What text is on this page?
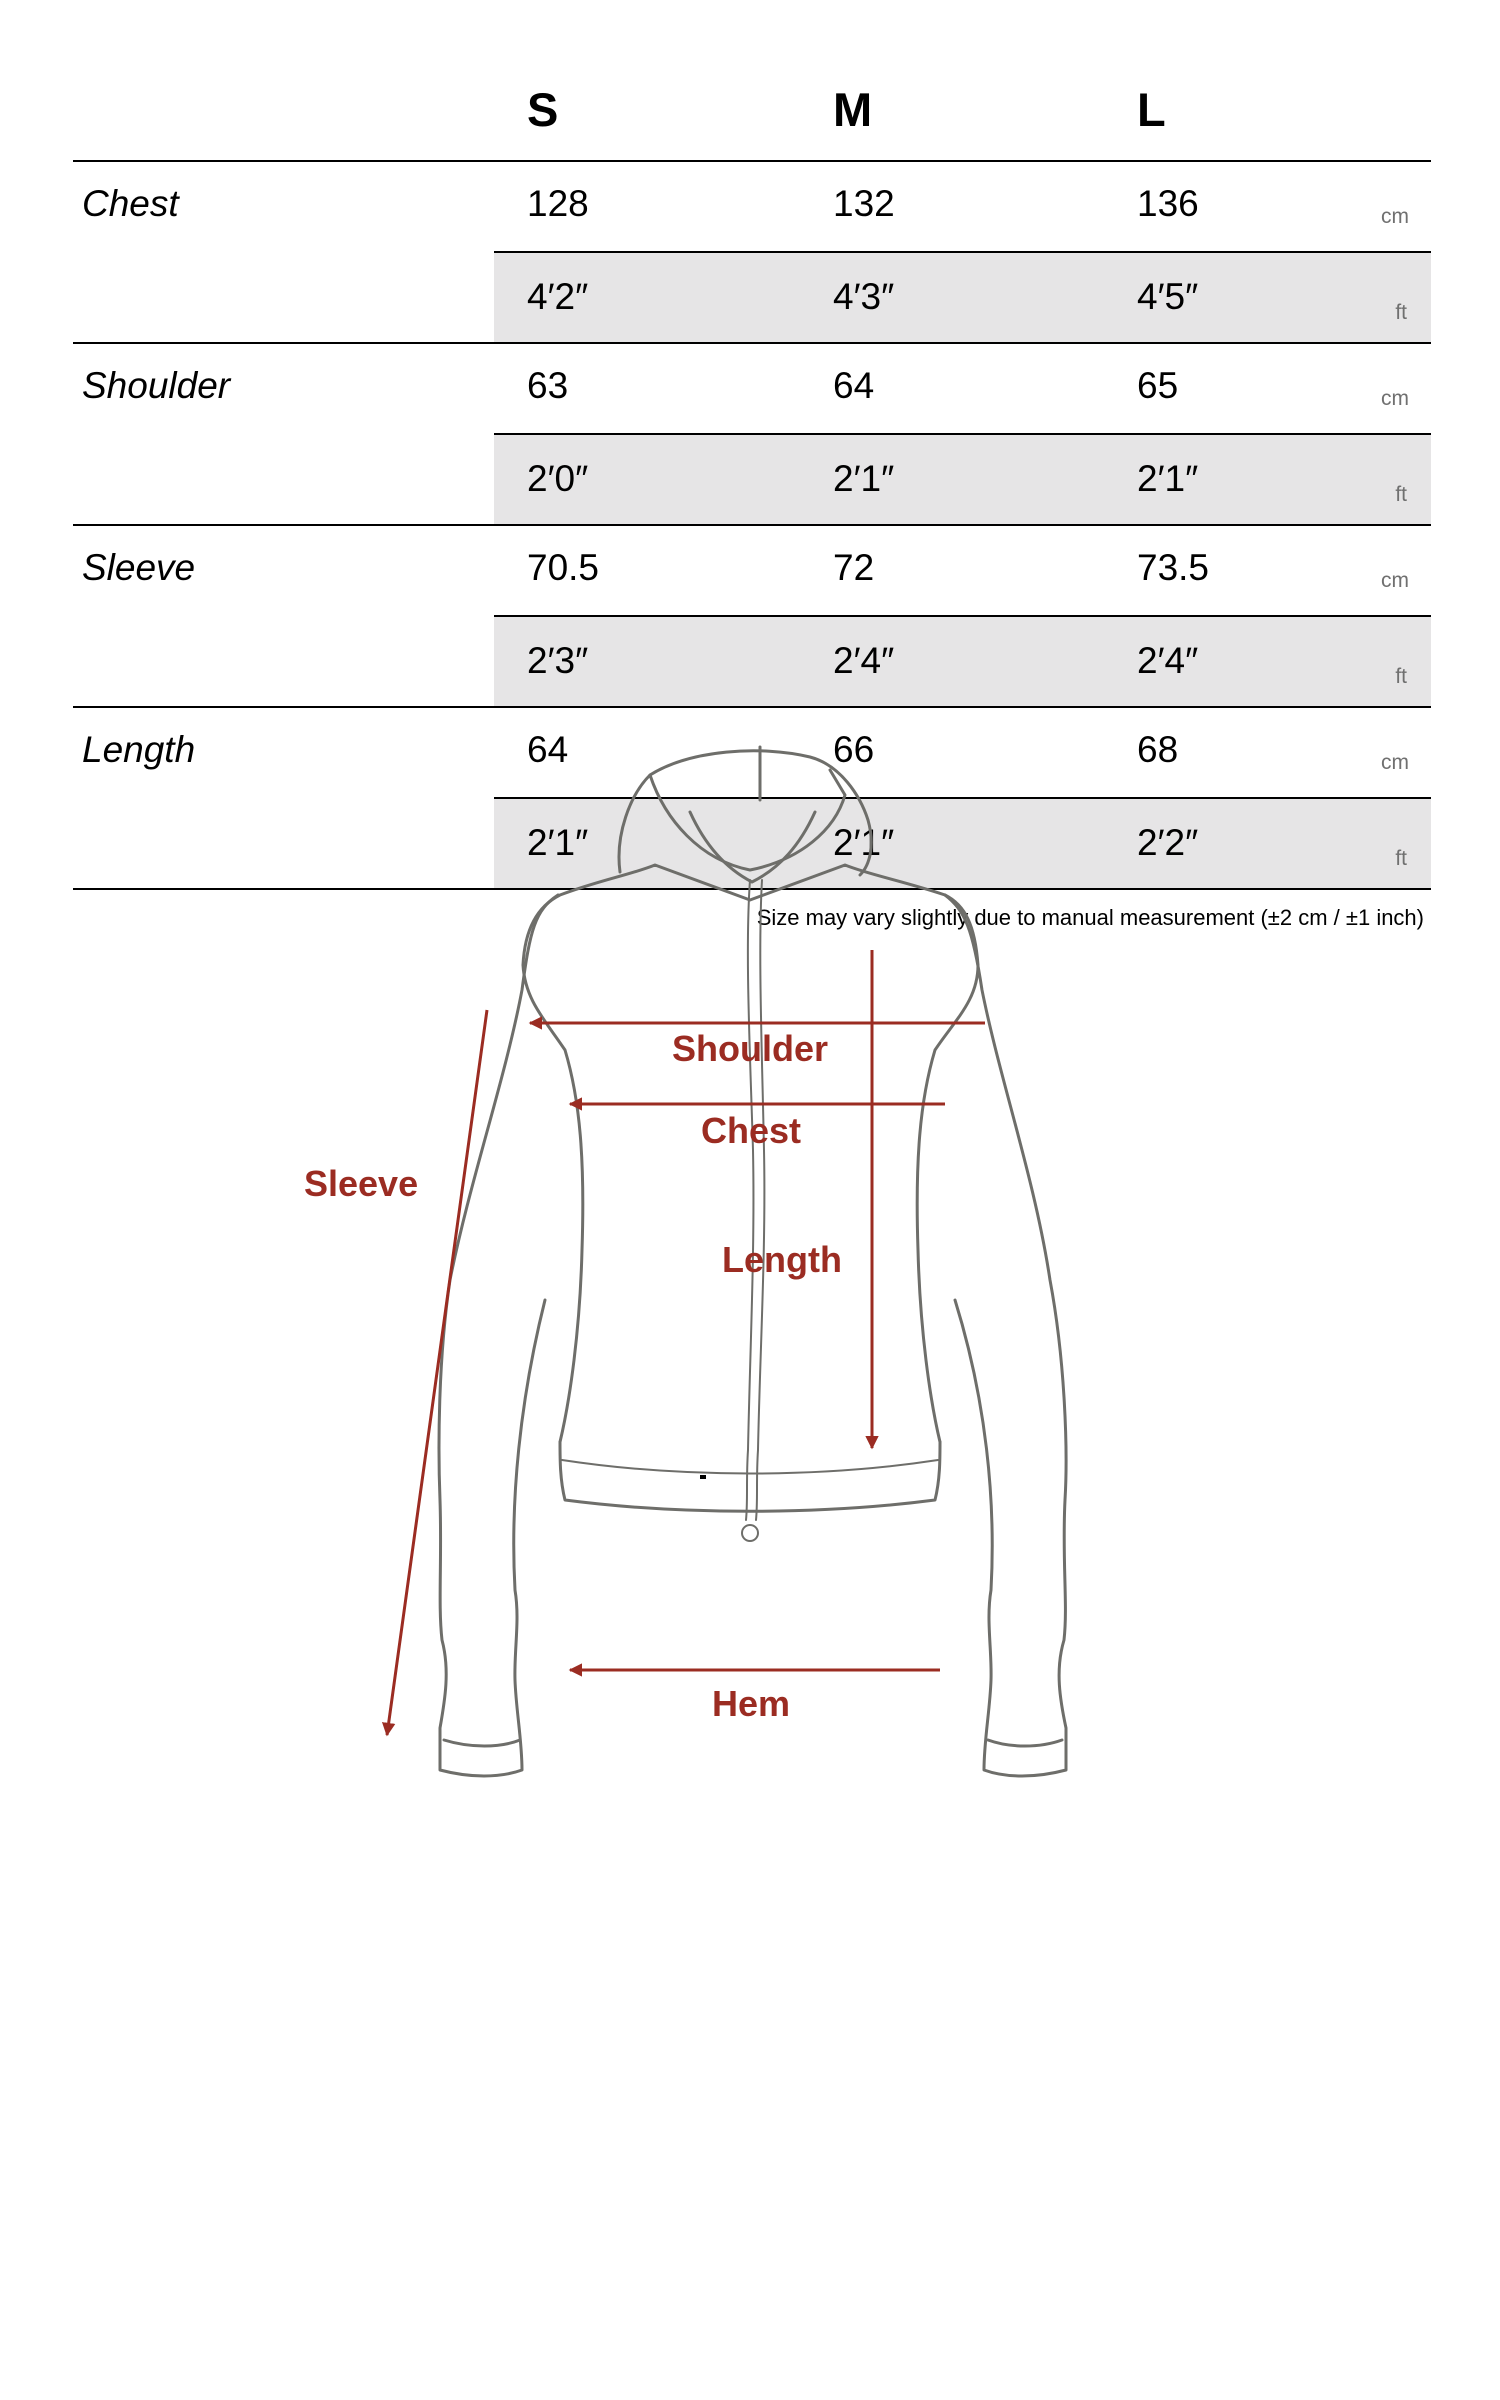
S	M	L
Chest	128	132	136	cm
4′2″	4′3″	4′5″	ft
Shoulder	63	64	65	cm
2′0″	2′1″	2′1″	ft
Sleeve	70.5	72	73.5	cm
2′3″	2′4″	2′4″	ft
Length	64	66	68	cm
2′1″	2′1″	2′2″	ft
Size may vary slightly due to manual measurement (±2 cm / ±1 inch)
Shoulder
Chest
Length
Sleeve
Hem
